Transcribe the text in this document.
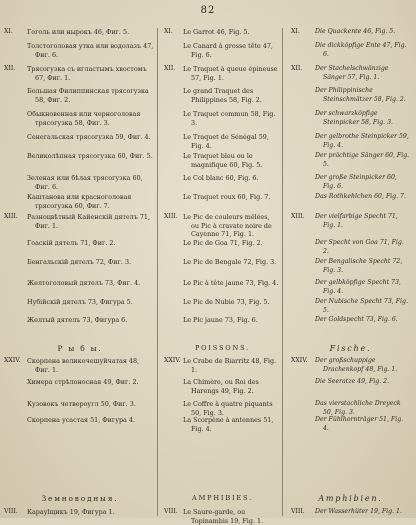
82
XI.	Гоголь или нырокъ 46, Фиг. 5.
Толстоголовая утка или водолазъ 47, Фиг. 6.
XII.	Трясогузка съ игластымъ хвостомъ 67, Фиг. 1.
Большая Филиппинская трясогузка 58, Фиг. 2.
Обыкновенная или черноголовая трясогузка 58, Фиг. 3.
Сенегальская трясогузка 59, Фиг. 4.
Великолѣпная трясогузка 60, Фиг. 5.
Зеленая или бѣлая трясогузка 60, Фиг. 6.
Каштанова или красноголовая трясогузка 60, Фиг. 7.
XIII.	Разноцвѣтный Кайенскій дятелъ 71, Фиг. 1.
Гоаскій дятелъ 71, Фиг. 2.
Бенгальскій дятелъ 72, Фиг. 3.
Желтоголовый дятелъ 73, Фиг. 4.
Нубійскій дятелъ 73, Фигура 5.
Желтый дятелъ 73, Фигура 6.
Р ы б ы.
XXIV. Скорпена великочешуйчатая 48, Фиг. 1.
Химера стрѣлоносная 49, Фиг. 2.
Кузовокъ четвероугл 50, Фиг. 3.
Скорпена усастая 51, Фигура 4.
Земноводныя.
VIII.	Карауlщикъ 19, Фигура 1.
XI.	Le Garrot 46, Fig. 5.
Le Canard à grosse tête 47, Fig. 6.
XII.	Le Traquet à queue épineuse 57, Fig. 1.
Le grand Traquet des Philippines 58, Fig. 2.
Le Traquet commun 58, Fig. 3.
Le Traquet de Sénégal 59, Fig. 4.
Le Traquet bleu ou le magnifique 60, Fig. 5.
Le Col blanc 60, Fig. 6.
Le Traquet roux 60, Fig. 7.
XIII. Le Pic de couleurs mêlées, ou Pic à cravate noire de Cayenne 71, Fig. 1.
Le Pic de Goa 71, Fig. 2.
Le Pic de Bengale 72, Fig. 3.
Le Pic à tête jaune 73, Fig. 4.
Le Pic de Nubie 73, Fig. 5.
Le Pic jaune 73, Fig. 6.
POISSONS.
XXIV. Le Crabe de Biarritz 48, Fig. 1.
La Chimère, ou Roi des Harengs 49, Fig. 2.
Le Coffre à quatre piquants 50, Fig. 3.
La Scorpène à antennes 51, Fig. 4.
AMPHIBIES.
VIII. Le Saure-garde, ou Topinambis 19, Fig. 1.
XI.	Die Quackente 46, Fig. 5.
Die dickköpfige Ente 47, Fig. 6.
XII.	Der Stachelschwänzige Sänger 57, Fig. 1.
Der Philippinische Steinschmätzer 58, Fig. 2.
Der schwarzköpfige Steinpicker 58, Fig. 3.
Der gelbrothe Steinpicker 59, Fig. 4.
Der prächtige Sänger 60, Fig. 5.
Der große Steinpicker 60, Fig. 6.
Das Rothkehlchen 60, Fig. 7.
XIII.	Der vielfarbige Specht 71, Fig. 1.
Der Specht von Goa 71, Fig. 2.
Der Bengalische Specht 72, Fig. 3.
Der gelbköpfige Specht 73, Fig. 4.
Der Nubische Specht 73, Fig. 5.
Der Goldspecht 73, Fig. 6.
Fische.
XXIV.	Der großschuppige Drachenkopf 48, Fig. 1.
Die Seeratze 49, Fig. 2.
Das vierstachliche Dreyeck 50, Fig. 3.
Der Fühlhornträger 51, Fig. 4.
Amphibien.
VIII.	Der Wasserhüter 19, Fig. 1.
